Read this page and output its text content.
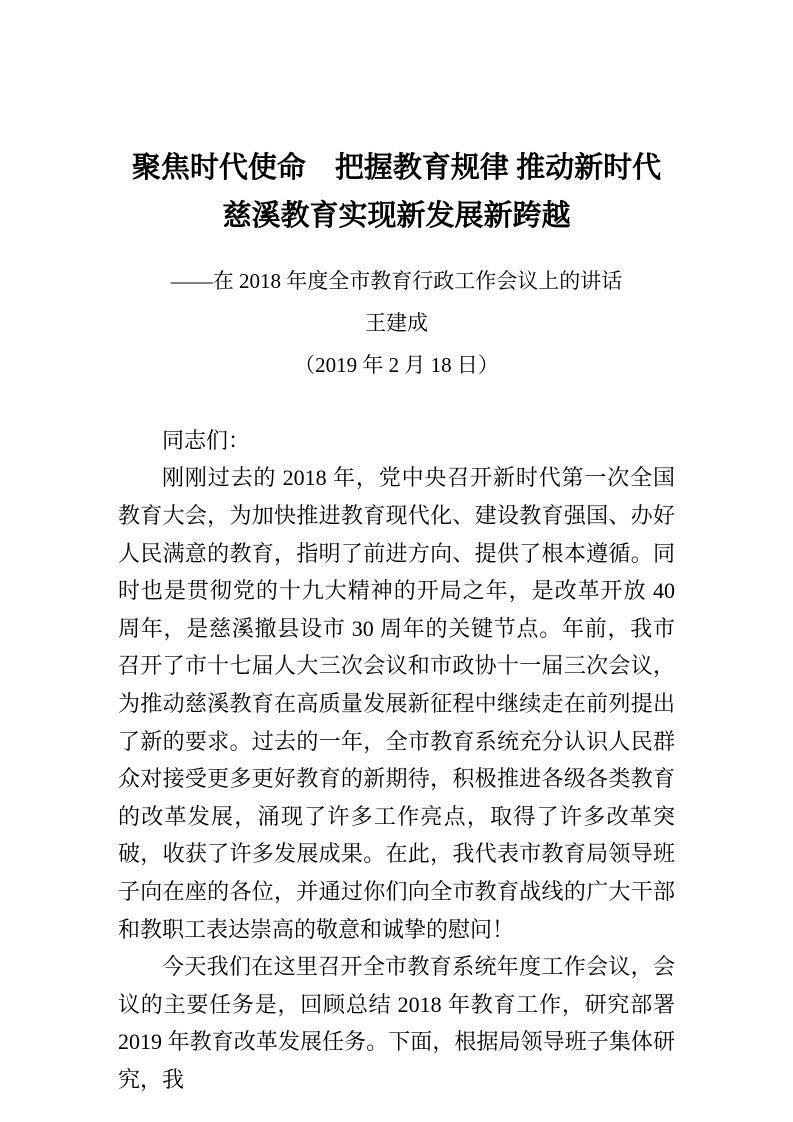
聚焦时代使命　把握教育规律 推动新时代
慈溪教育实现新发展新跨越
——在 2018 年度全市教育行政工作会议上的讲话
王建成
（2019 年 2 月 18 日）

同志们：

刚刚过去的 2018 年，党中央召开新时代第一次全国教育大会，为加快推进教育现代化、建设教育强国、办好人民满意的教育，指明了前进方向、提供了根本遵循。同时也是贯彻党的十九大精神的开局之年，是改革开放 40 周年，是慈溪撤县设市 30 周年的关键节点。年前，我市召开了市十七届人大三次会议和市政协十一届三次会议，为推动慈溪教育在高质量发展新征程中继续走在前列提出了新的要求。过去的一年，全市教育系统充分认识人民群众对接受更多更好教育的新期待，积极推进各级各类教育的改革发展，涌现了许多工作亮点，取得了许多改革突破，收获了许多发展成果。在此，我代表市教育局领导班子向在座的各位，并通过你们向全市教育战线的广大干部和教职工表达崇高的敬意和诚挚的慰问！

今天我们在这里召开全市教育系统年度工作会议，会议的主要任务是，回顾总结 2018 年教育工作，研究部署 2019 年教育改革发展任务。下面，根据局领导班子集体研究，我
